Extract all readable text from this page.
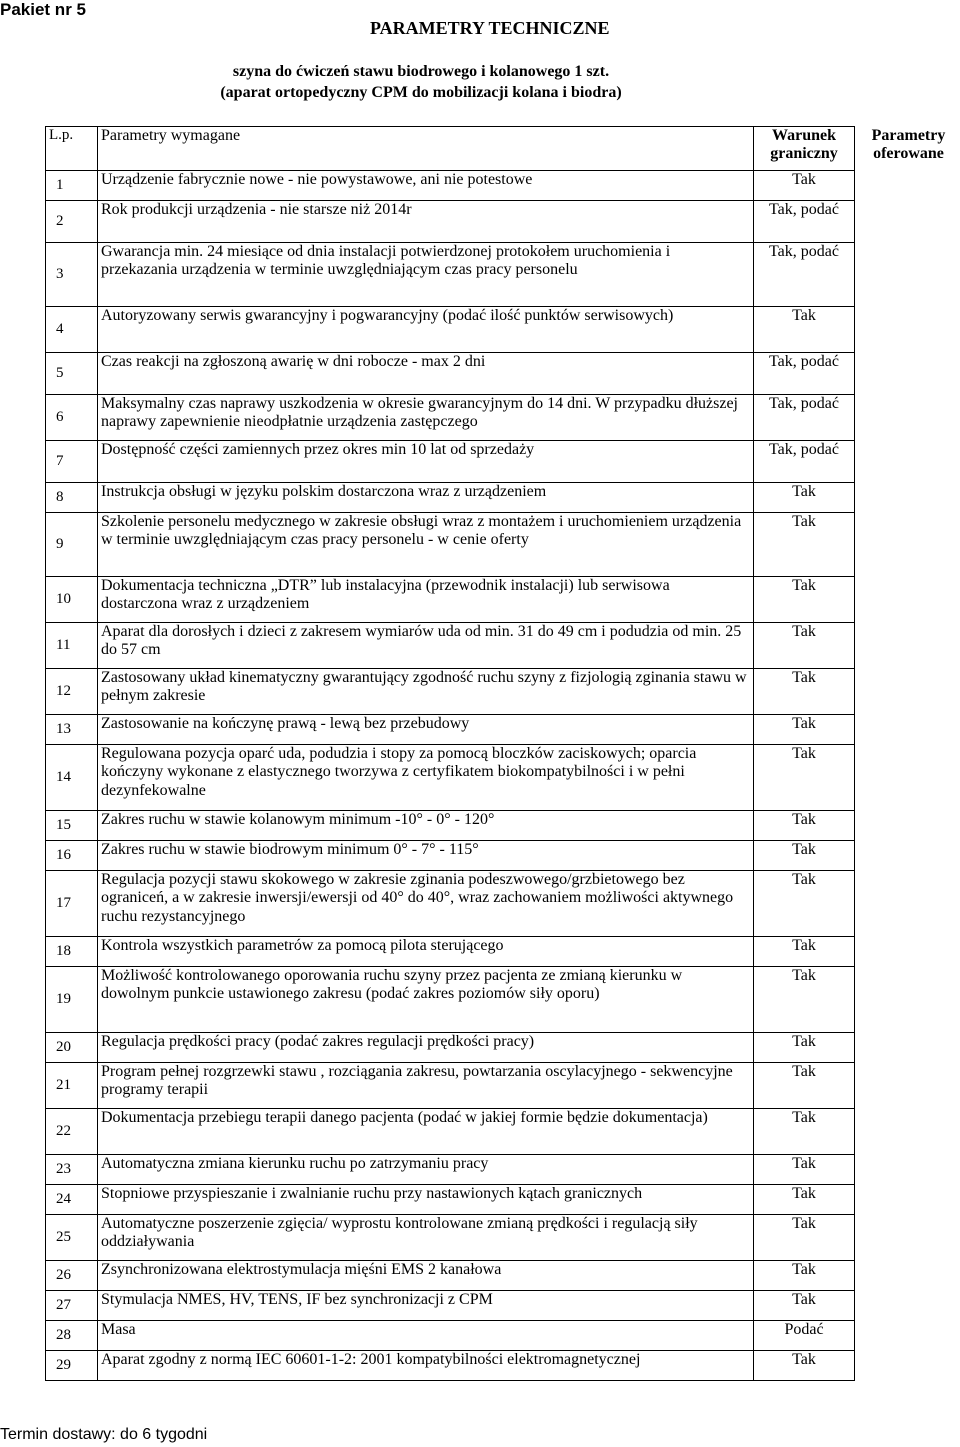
Pakiet nr 5
PARAMETRY TECHNICZNE
szyna do ćwiczeń stawu biodrowego i kolanowego 1 szt.
(aparat ortopedyczny CPM do mobilizacji kolana i biodra)
L.p.	Parametry wymagane	Warunek graniczny	Parametry oferowane
1	Urządzenie fabrycznie nowe - nie powystawowe, ani nie potestowe	Tak	
2	Rok produkcji urządzenia - nie starsze niż 2014r	Tak, podać	
3	Gwarancja min. 24 miesiące od dnia instalacji potwierdzonej protokołem uruchomienia i przekazania urządzenia w terminie uwzględniającym czas pracy personelu	Tak, podać	
4	Autoryzowany serwis gwarancyjny i pogwarancyjny (podać ilość punktów serwisowych)	Tak	
5	Czas reakcji na zgłoszoną awarię w dni robocze - max 2 dni	Tak, podać	
6	Maksymalny czas naprawy uszkodzenia w okresie gwarancyjnym do 14 dni. W przypadku dłuższej naprawy zapewnienie nieodpłatnie urządzenia zastępczego	Tak, podać	
7	Dostępność części zamiennych przez okres min 10 lat od sprzedaży	Tak, podać	
8	Instrukcja obsługi w języku polskim dostarczona wraz z urządzeniem	Tak	
9	Szkolenie personelu medycznego w zakresie obsługi wraz z montażem i uruchomieniem urządzenia w terminie uwzględniającym czas pracy personelu - w cenie oferty	Tak	
10	Dokumentacja techniczna „DTR” lub instalacyjna (przewodnik instalacji) lub serwisowa dostarczona wraz z urządzeniem	Tak	
11	Aparat dla dorosłych i dzieci z zakresem wymiarów uda od min. 31 do 49 cm i podudzia od min. 25 do 57 cm	Tak	
12	Zastosowany układ kinematyczny gwarantujący zgodność ruchu szyny z fizjologią zginania stawu w pełnym zakresie	Tak	
13	Zastosowanie na kończynę prawą - lewą bez przebudowy	Tak	
14	Regulowana pozycja oparć uda, podudzia i stopy za pomocą bloczków zaciskowych; oparcia kończyny wykonane z elastycznego tworzywa z certyfikatem biokompatybilności i w pełni dezynfekowalne	Tak	
15	Zakres ruchu w stawie kolanowym minimum -10° - 0° - 120°	Tak	
16	Zakres ruchu w stawie biodrowym minimum 0° - 7° - 115°	Tak	
17	Regulacja pozycji stawu skokowego w zakresie zginania podeszwowego/grzbietowego bez ograniceń, a w zakresie inwersji/ewersji od 40° do 40°, wraz zachowaniem możliwości aktywnego ruchu rezystancyjnego	Tak	
18	Kontrola wszystkich parametrów za pomocą pilota sterującego	Tak	
19	Możliwość kontrolowanego oporowania ruchu szyny przez pacjenta ze zmianą kierunku w dowolnym punkcie ustawionego zakresu (podać zakres poziomów siły oporu)	Tak	
20	Regulacja prędkości pracy (podać zakres regulacji prędkości pracy)	Tak	
21	Program pełnej rozgrzewki stawu , rozciągania zakresu, powtarzania oscylacyjnego - sekwencyjne programy terapii	Tak	
22	Dokumentacja przebiegu terapii danego pacjenta (podać w jakiej formie będzie dokumentacja)	Tak	
23	Automatyczna zmiana kierunku ruchu po zatrzymaniu pracy	Tak	
24	Stopniowe przyspieszanie i zwalnianie ruchu przy nastawionych kątach granicznych	Tak	
25	Automatyczne poszerzenie zgięcia/ wyprostu kontrolowane zmianą prędkości i regulacją siły oddziaływania	Tak	
26	Zsynchronizowana elektrostymulacja mięśni EMS 2 kanałowa	Tak	
27	Stymulacja NMES, HV, TENS, IF bez synchronizacji z CPM	Tak	
28	Masa	Podać	
29	Aparat zgodny z normą IEC 60601-1-2: 2001 kompatybilności elektromagnetycznej	Tak	
Termin dostawy: do 6 tygodni
